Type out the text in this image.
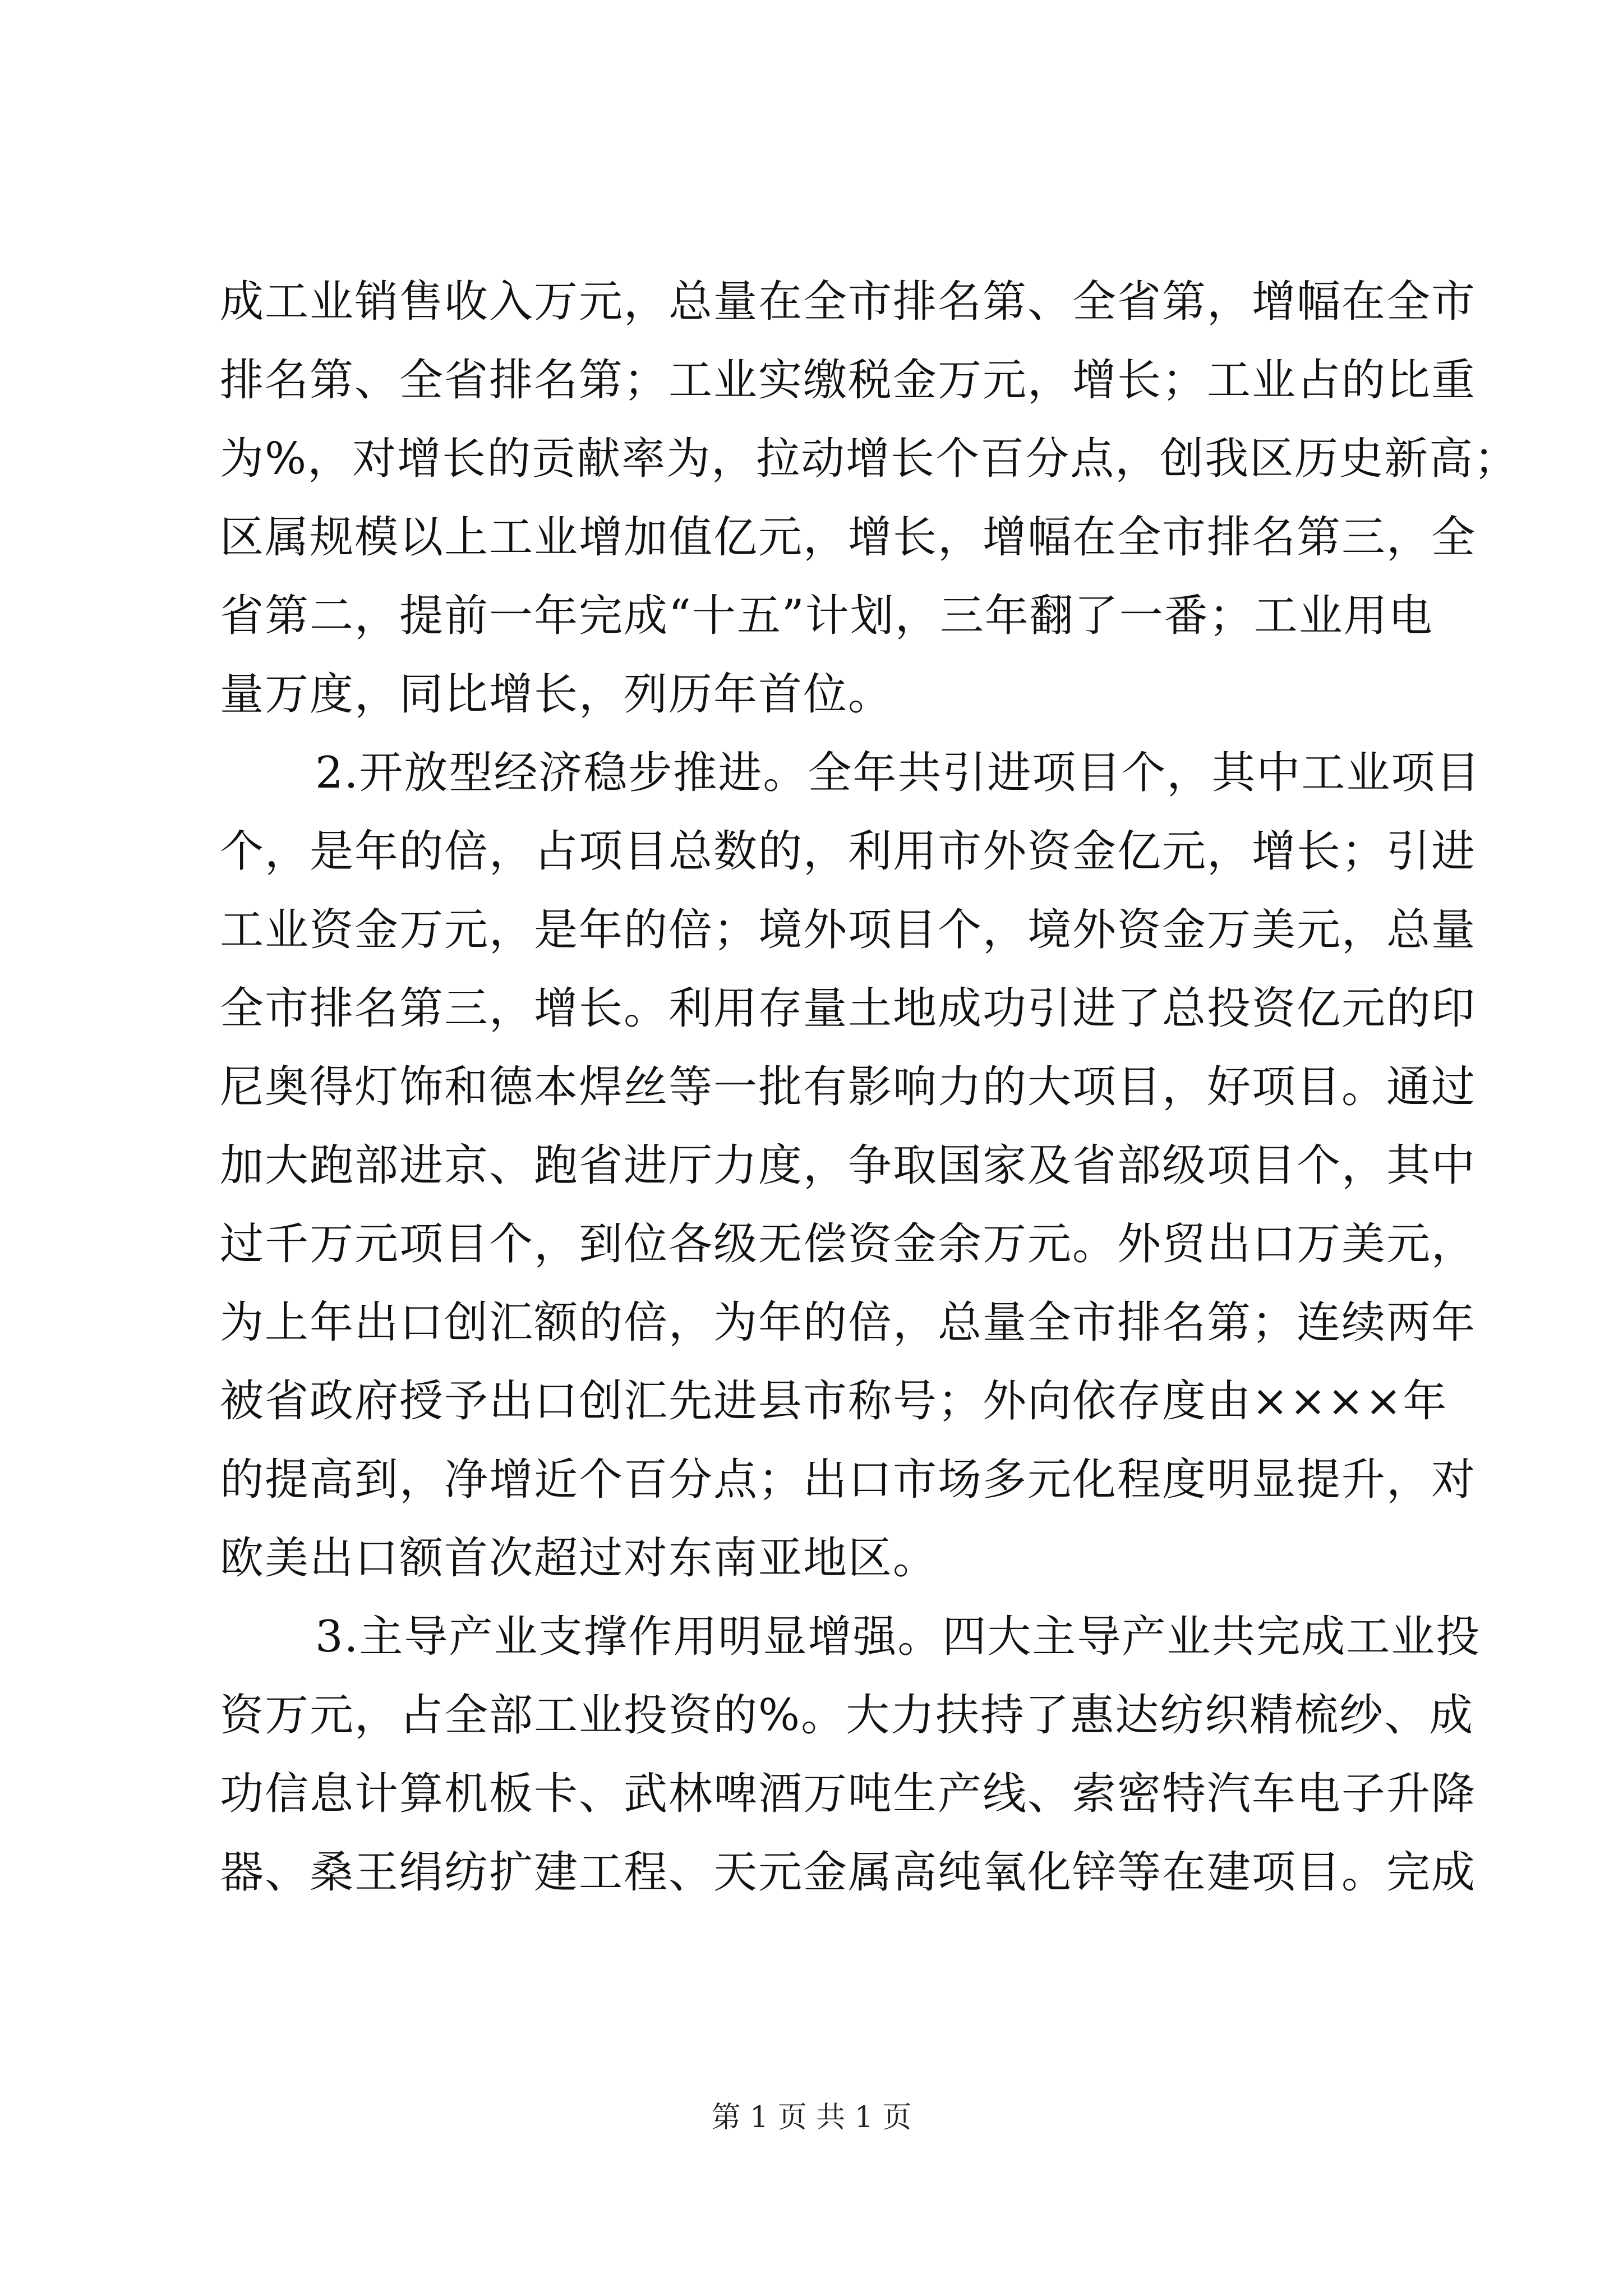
成工业销售收入万元，总量在全市排名第、全省第，增幅在全市
排名第、全省排名第；工业实缴税金万元，增长；工业占的比重
为%，对增长的贡献率为，拉动增长个百分点，创我区历史新高；
区属规模以上工业增加值亿元，增长，增幅在全市排名第三，全
省第二，提前一年完成“十五”计划，三年翻了一番；工业用电
量万度，同比增长，列历年首位。
2.开放型经济稳步推进。全年共引进项目个，其中工业项目
个，是年的倍，占项目总数的，利用市外资金亿元，增长；引进
工业资金万元，是年的倍；境外项目个，境外资金万美元，总量
全市排名第三，增长。利用存量土地成功引进了总投资亿元的印
尼奥得灯饰和德本焊丝等一批有影响力的大项目，好项目。通过
加大跑部进京、跑省进厅力度，争取国家及省部级项目个，其中
过千万元项目个，到位各级无偿资金余万元。外贸出口万美元，
为上年出口创汇额的倍，为年的倍，总量全市排名第；连续两年
被省政府授予出口创汇先进县市称号；外向依存度由××××年
的提高到，净增近个百分点；出口市场多元化程度明显提升，对
欧美出口额首次超过对东南亚地区。
3.主导产业支撑作用明显增强。四大主导产业共完成工业投
资万元，占全部工业投资的%。大力扶持了惠达纺织精梳纱、成
功信息计算机板卡、武林啤酒万吨生产线、索密特汽车电子升降
器、桑王绢纺扩建工程、天元金属高纯氧化锌等在建项目。完成
第 1 页 共 1 页
